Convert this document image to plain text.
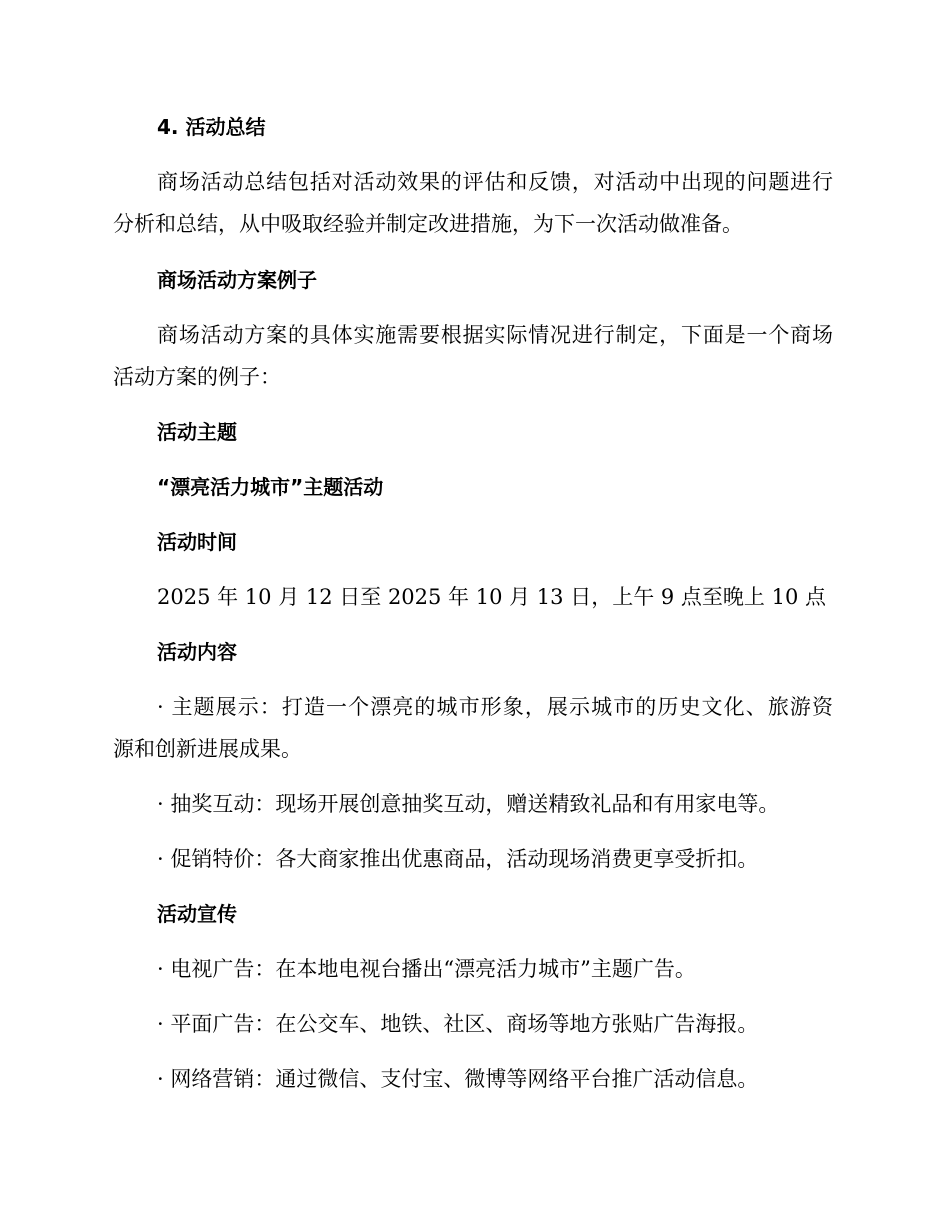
4. 活动总结
商场活动总结包括对活动效果的评估和反馈，对活动中出现的问题进行
分析和总结，从中吸取经验并制定改进措施，为下一次活动做准备。
商场活动方案例子
商场活动方案的具体实施需要根据实际情况进行制定，下面是一个商场
活动方案的例子：
活动主题
“漂亮活力城市”主题活动
活动时间
2025 年 10 月 12 日至 2025 年 10 月 13 日，上午 9 点至晚上 10 点
活动内容
· 主题展示：打造一个漂亮的城市形象，展示城市的历史文化、旅游资
源和创新进展成果。
· 抽奖互动：现场开展创意抽奖互动，赠送精致礼品和有用家电等。
· 促销特价：各大商家推出优惠商品，活动现场消费更享受折扣。
活动宣传
· 电视广告：在本地电视台播出“漂亮活力城市”主题广告。
· 平面广告：在公交车、地铁、社区、商场等地方张贴广告海报。
· 网络营销：通过微信、支付宝、微博等网络平台推广活动信息。
